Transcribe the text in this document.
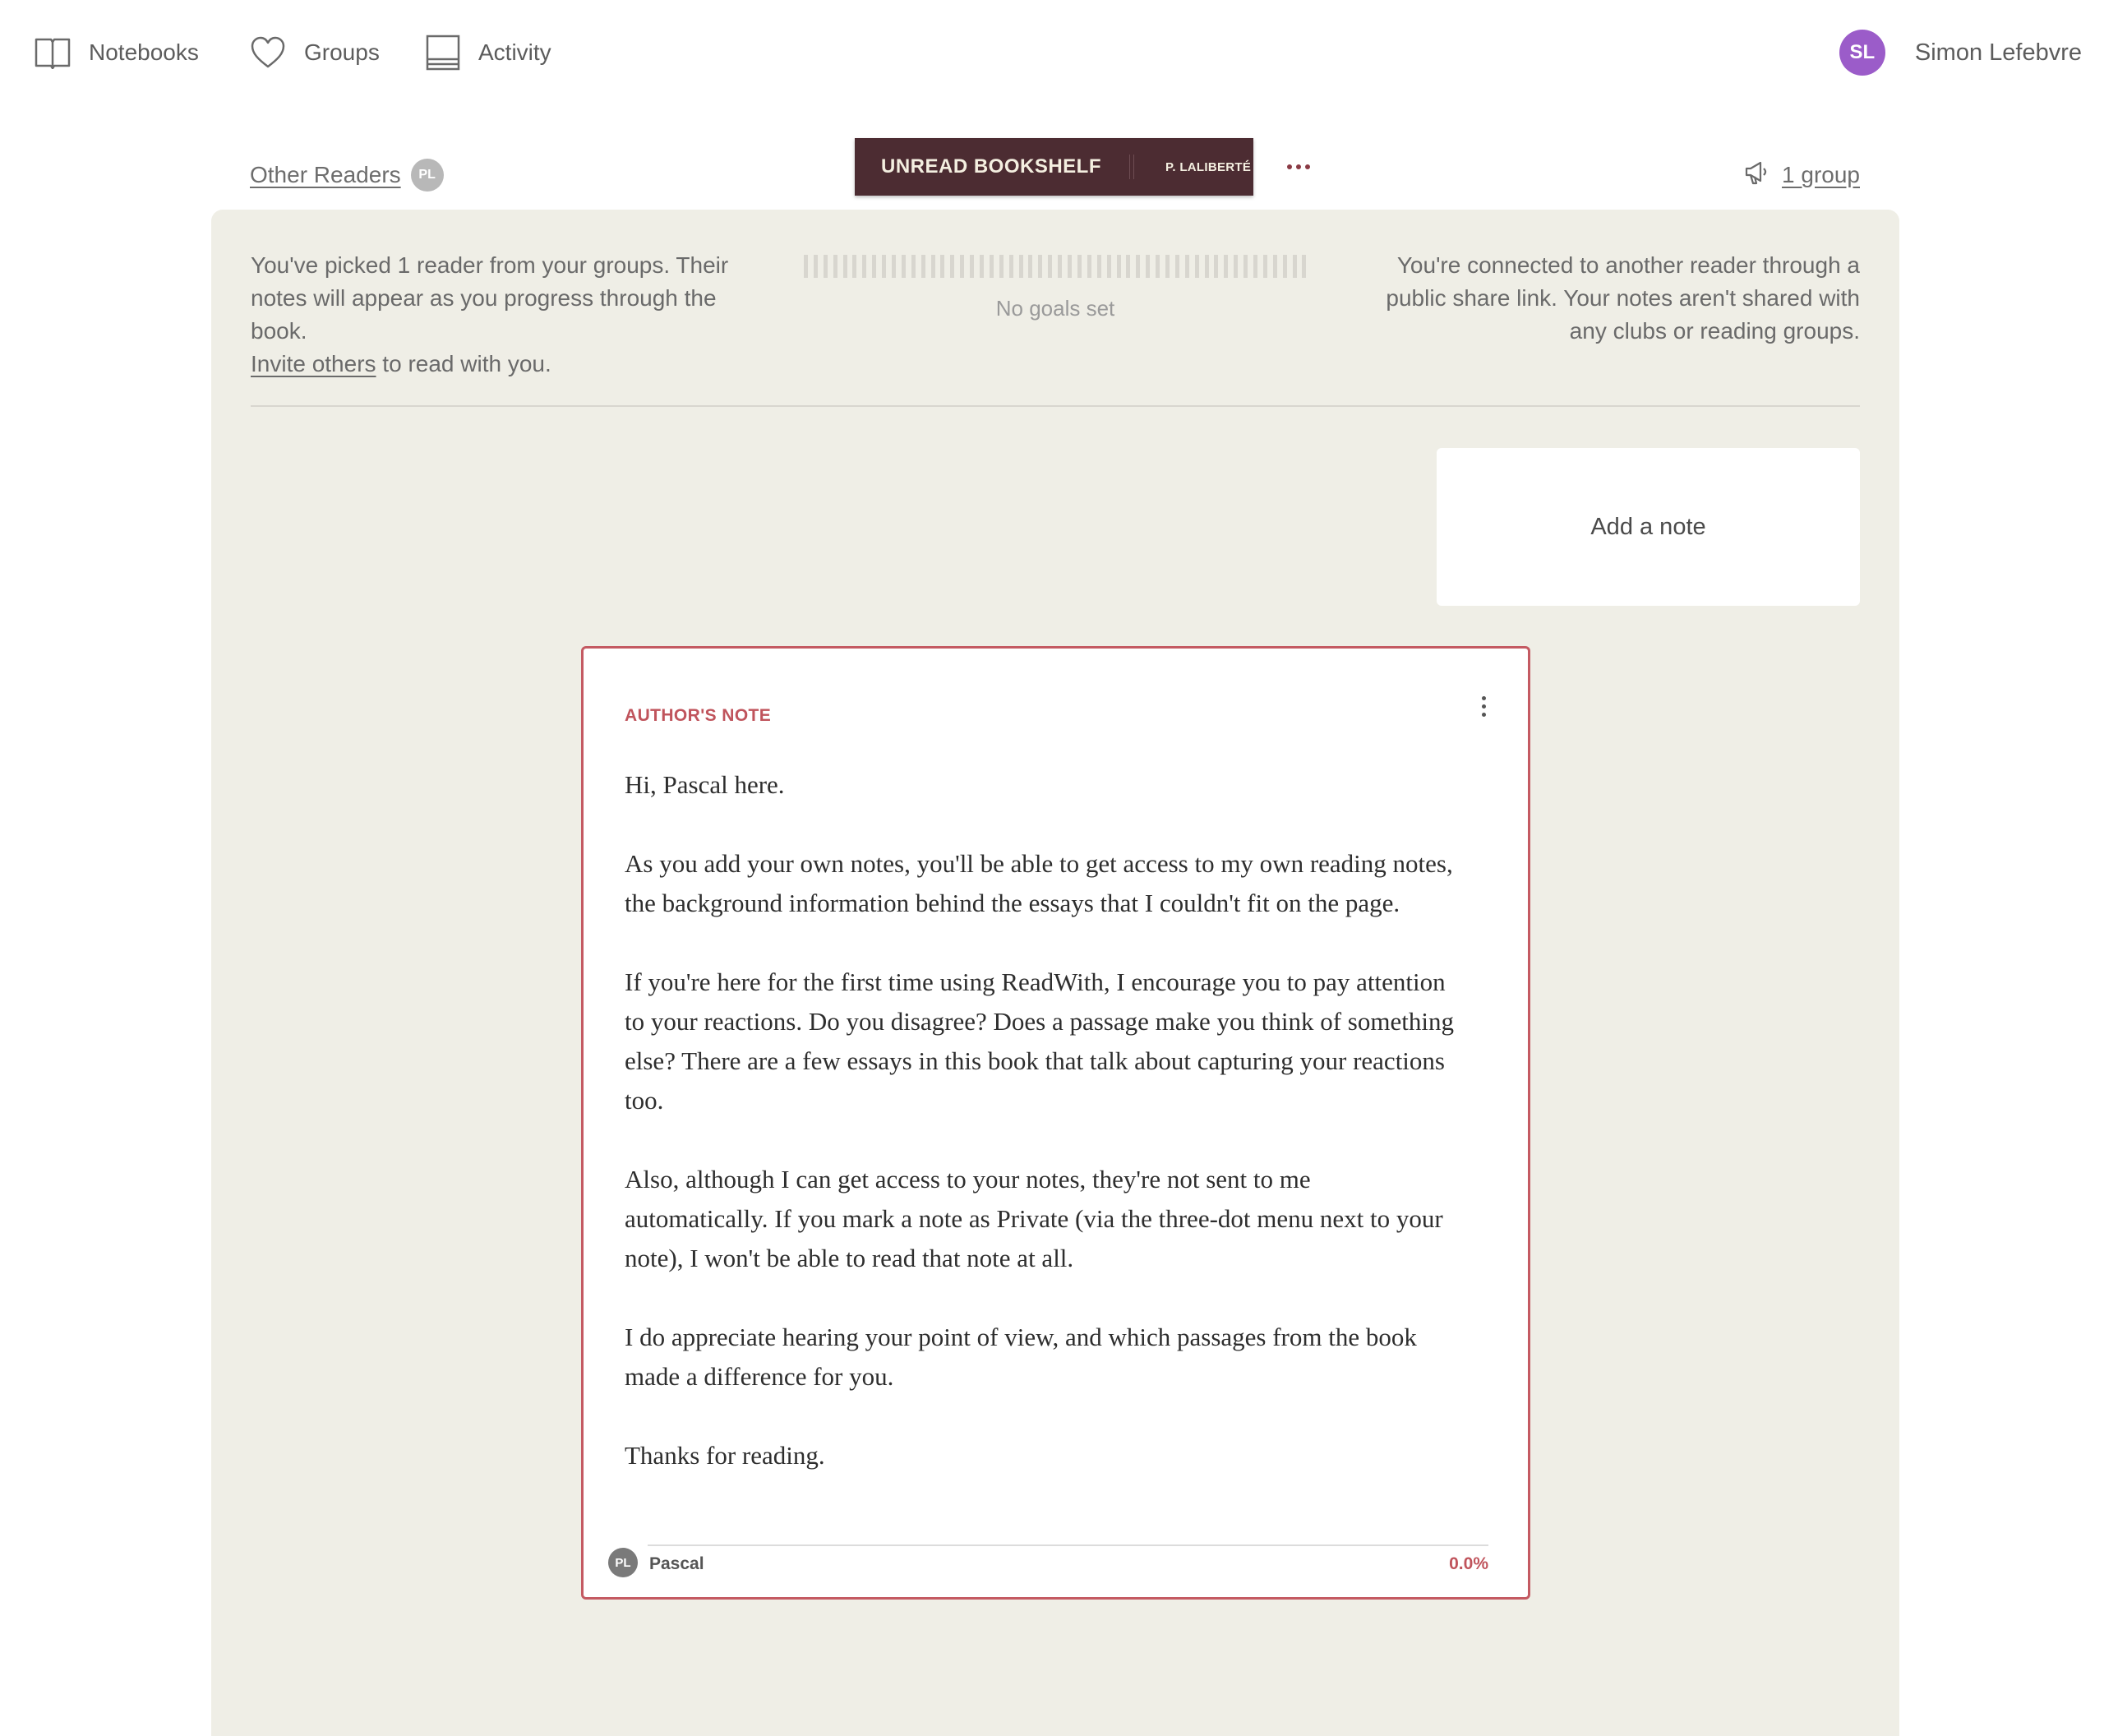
Notebooks	Groups	Activity	SL	Simon Lefebvre
Other Readers	PL	UNREAD BOOKSHELF	P. LALIBERTÉ	1 group
You've picked 1 reader from your groups. Their notes will appear as you progress through the book.
Invite others to read with you.
No goals set
You're connected to another reader through a public share link. Your notes aren't shared with any clubs or reading groups.
Add a note
AUTHOR'S NOTE

Hi, Pascal here.

As you add your own notes, you'll be able to get access to my own reading notes, the background information behind the essays that I couldn't fit on the page.

If you're here for the first time using ReadWith, I encourage you to pay attention to your reactions. Do you disagree? Does a passage make you think of something else? There are a few essays in this book that talk about capturing your reactions too.

Also, although I can get access to your notes, they're not sent to me automatically. If you mark a note as Private (via the three-dot menu next to your note), I won't be able to read that note at all.

I do appreciate hearing your point of view, and which passages from the book made a difference for you.

Thanks for reading.

PL	Pascal	0.0%
